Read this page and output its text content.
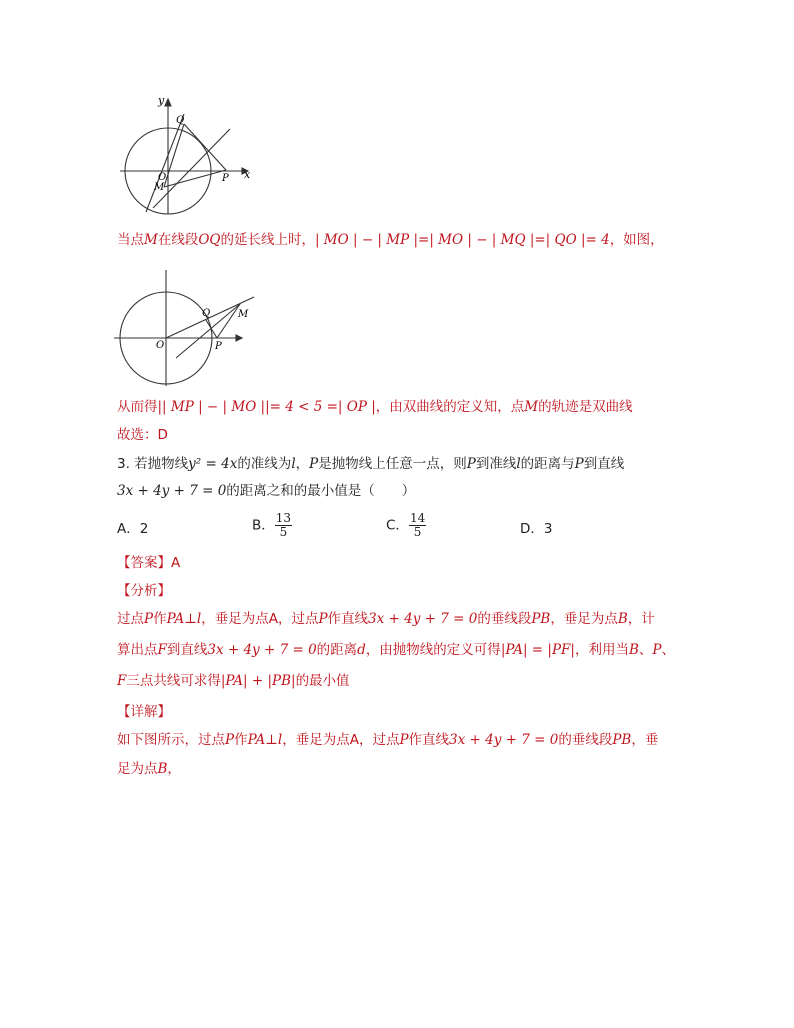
y
x
Q
O	P
M
当点M在线段OQ的延长线上时，| MO | − | MP |=| MO | − | MQ |=| QO |= 4，如图，
Q	M
O	P
从而得|| MP | − | MO ||= 4 < 5 =| OP |，由双曲线的定义知，点M的轨迹是双曲线
故选：D
3. 若抛物线y² = 4x的准线为l，P是抛物线上任意一点，则P到准线l的距离与P到直线
3x + 4y + 7 = 0的距离之和的最小值是（　　）
A．2	B． $\frac{13}{5}$	C． $\frac{14}{5}$	D．3
【答案】A
【分析】
过点P作PA⊥l，垂足为点A，过点P作直线3x + 4y + 7 = 0的垂线段PB，垂足为点B，计
算出点F到直线3x + 4y + 7 = 0的距离d，由抛物线的定义可得|PA| = |PF|，利用当B、P、
F三点共线可求得|PA| + |PB|的最小值
【详解】
如下图所示，过点P作PA⊥l，垂足为点A，过点P作直线3x + 4y + 7 = 0的垂线段PB，垂
足为点B，
